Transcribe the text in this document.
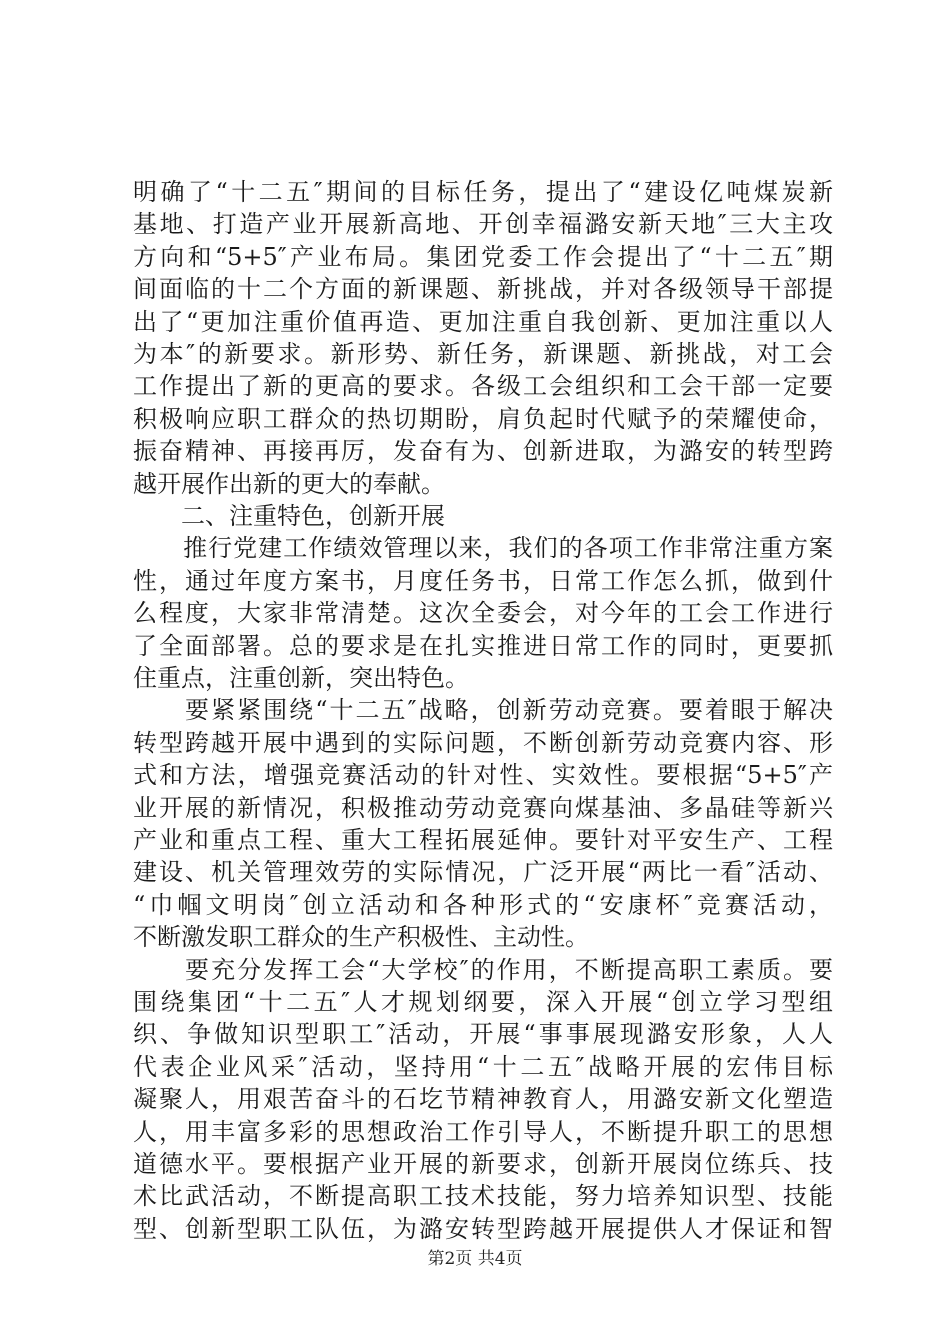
明确了“十二五″期间的目标任务，提出了“建设亿吨煤炭新
基地、打造产业开展新高地、开创幸福潞安新天地″三大主攻
方向和“5+5″产业布局。集团党委工作会提出了“十二五″期
间面临的十二个方面的新课题、新挑战，并对各级领导干部提
出了“更加注重价值再造、更加注重自我创新、更加注重以人
为本″的新要求。新形势、新任务，新课题、新挑战，对工会
工作提出了新的更高的要求。各级工会组织和工会干部一定要
积极响应职工群众的热切期盼，肩负起时代赋予的荣耀使命，
振奋精神、再接再厉，发奋有为、创新进取，为潞安的转型跨
越开展作出新的更大的奉献。
　　二、注重特色，创新开展
　　推行党建工作绩效管理以来，我们的各项工作非常注重方案
性，通过年度方案书，月度任务书，日常工作怎么抓，做到什
么程度，大家非常清楚。这次全委会，对今年的工会工作进行
了全面部署。总的要求是在扎实推进日常工作的同时，更要抓
住重点，注重创新，突出特色。
　　要紧紧围绕“十二五″战略，创新劳动竞赛。要着眼于解决
转型跨越开展中遇到的实际问题，不断创新劳动竞赛内容、形
式和方法，增强竞赛活动的针对性、实效性。要根据“5+5″产
业开展的新情况，积极推动劳动竞赛向煤基油、多晶硅等新兴
产业和重点工程、重大工程拓展延伸。要针对平安生产、工程
建设、机关管理效劳的实际情况，广泛开展“两比一看″活动、
“巾帼文明岗″创立活动和各种形式的“安康杯″竞赛活动，
不断激发职工群众的生产积极性、主动性。
　　要充分发挥工会“大学校″的作用，不断提高职工素质。要
围绕集团“十二五″人才规划纲要，深入开展“创立学习型组
织、争做知识型职工″活动，开展“事事展现潞安形象，人人
代表企业风采″活动，坚持用“十二五″战略开展的宏伟目标
凝聚人，用艰苦奋斗的石圪节精神教育人，用潞安新文化塑造
人，用丰富多彩的思想政治工作引导人，不断提升职工的思想
道德水平。要根据产业开展的新要求，创新开展岗位练兵、技
术比武活动，不断提高职工技术技能，努力培养知识型、技能
型、创新型职工队伍，为潞安转型跨越开展提供人才保证和智
第2页 共4页
